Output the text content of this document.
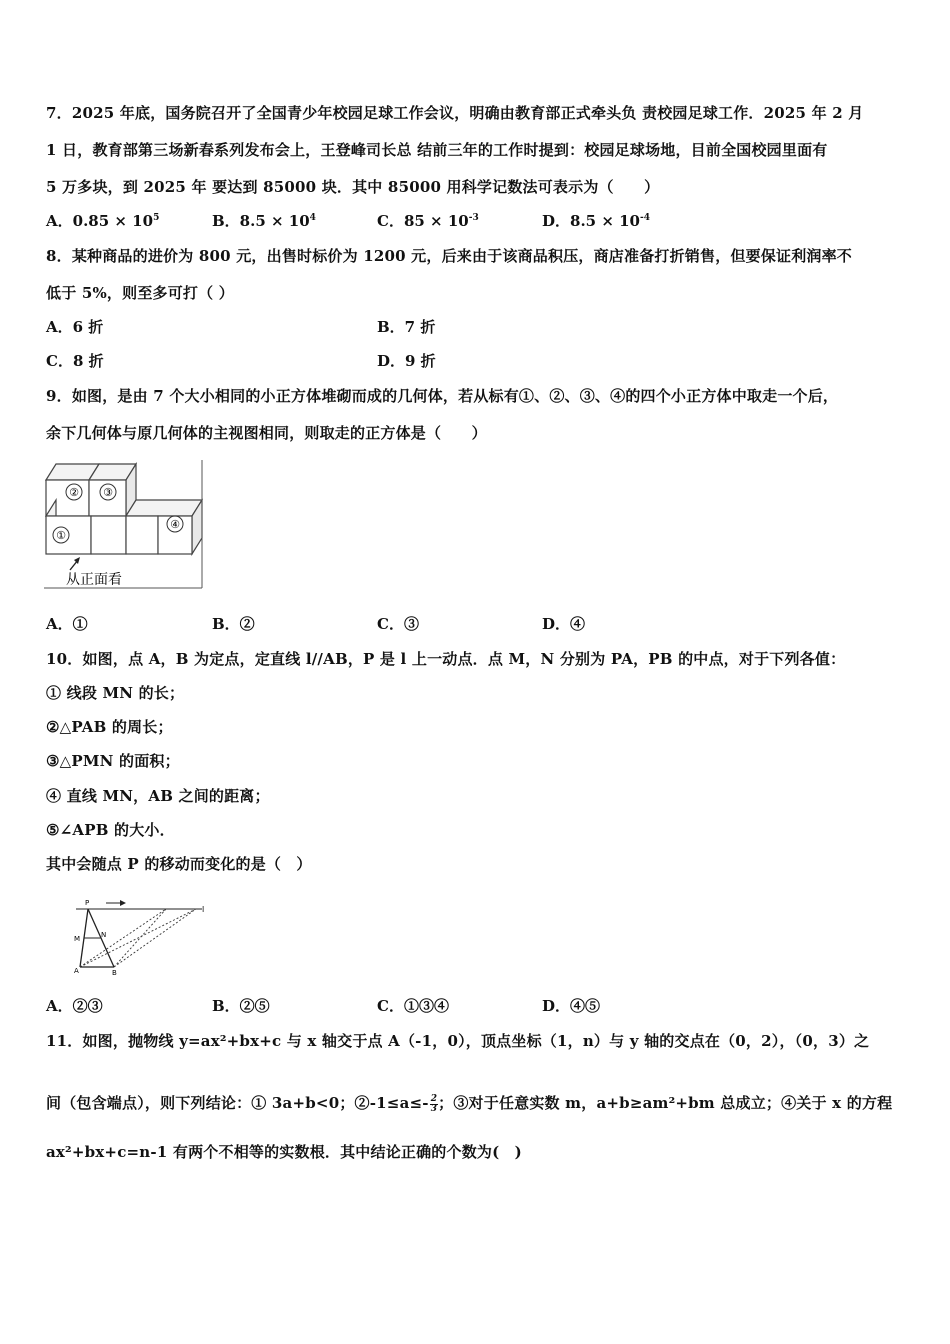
7．2025 年底，国务院召开了全国青少年校园足球工作会议，明确由教育部正式牵头负 责校园足球工作．2025 年 2 月
1 日，教育部第三场新春系列发布会上，王登峰司长总 结前三年的工作时提到：校园足球场地，目前全国校园里面有
5 万多块，到 2025 年 要达到 85000 块．其中 85000 用科学记数法可表示为（　　）
A．$0.85 \times 10^5$	B．$8.5 \times 10^4$	C．$85 \times 10^{-3}$	D．$8.5 \times 10^{-4}$
8．某种商品的进价为 800 元，出售时标价为 1200 元，后来由于该商品积压，商店准备打折销售，但要保证利润率不
低于 5%，则至多可打（ ）
A．6 折	B．7 折
C．8 折	D．9 折
9．如图，是由 7 个大小相同的小正方体堆砌而成的几何体，若从标有①、②、③、④的四个小正方体中取走一个后，
余下几何体与原几何体的主视图相同，则取走的正方体是（　　）
② ③
①
④
从正面看
A．①	B．②	C．③	D．④
10．如图，点 A，B 为定点，定直线 l//AB，P 是 l 上一动点．点 M，N 分别为 PA，PB 的中点，对于下列各值：
① 线段 MN 的长；
②△PAB 的周长；
③△PMN 的面积；
④ 直线 MN，AB 之间的距离；
⑤∠APB 的大小．
其中会随点 P 的移动而变化的是（　）
P
M	N
A	B
l
A．②③	B．②⑤	C．①③④	D．④⑤
11．如图，抛物线 y=ax²+bx+c 与 x 轴交于点 A（-1，0），顶点坐标（1，n）与 y 轴的交点在（0，2），（0，3）之
间（包含端点），则下列结论：① 3a+b<0；②-1≤a≤- $\frac{2}{3}$ ；③对于任意实数 m，a+b≥am²+bm 总成立；④关于 x 的方程
ax²+bx+c=n-1 有两个不相等的实数根．其中结论正确的个数为(　)
